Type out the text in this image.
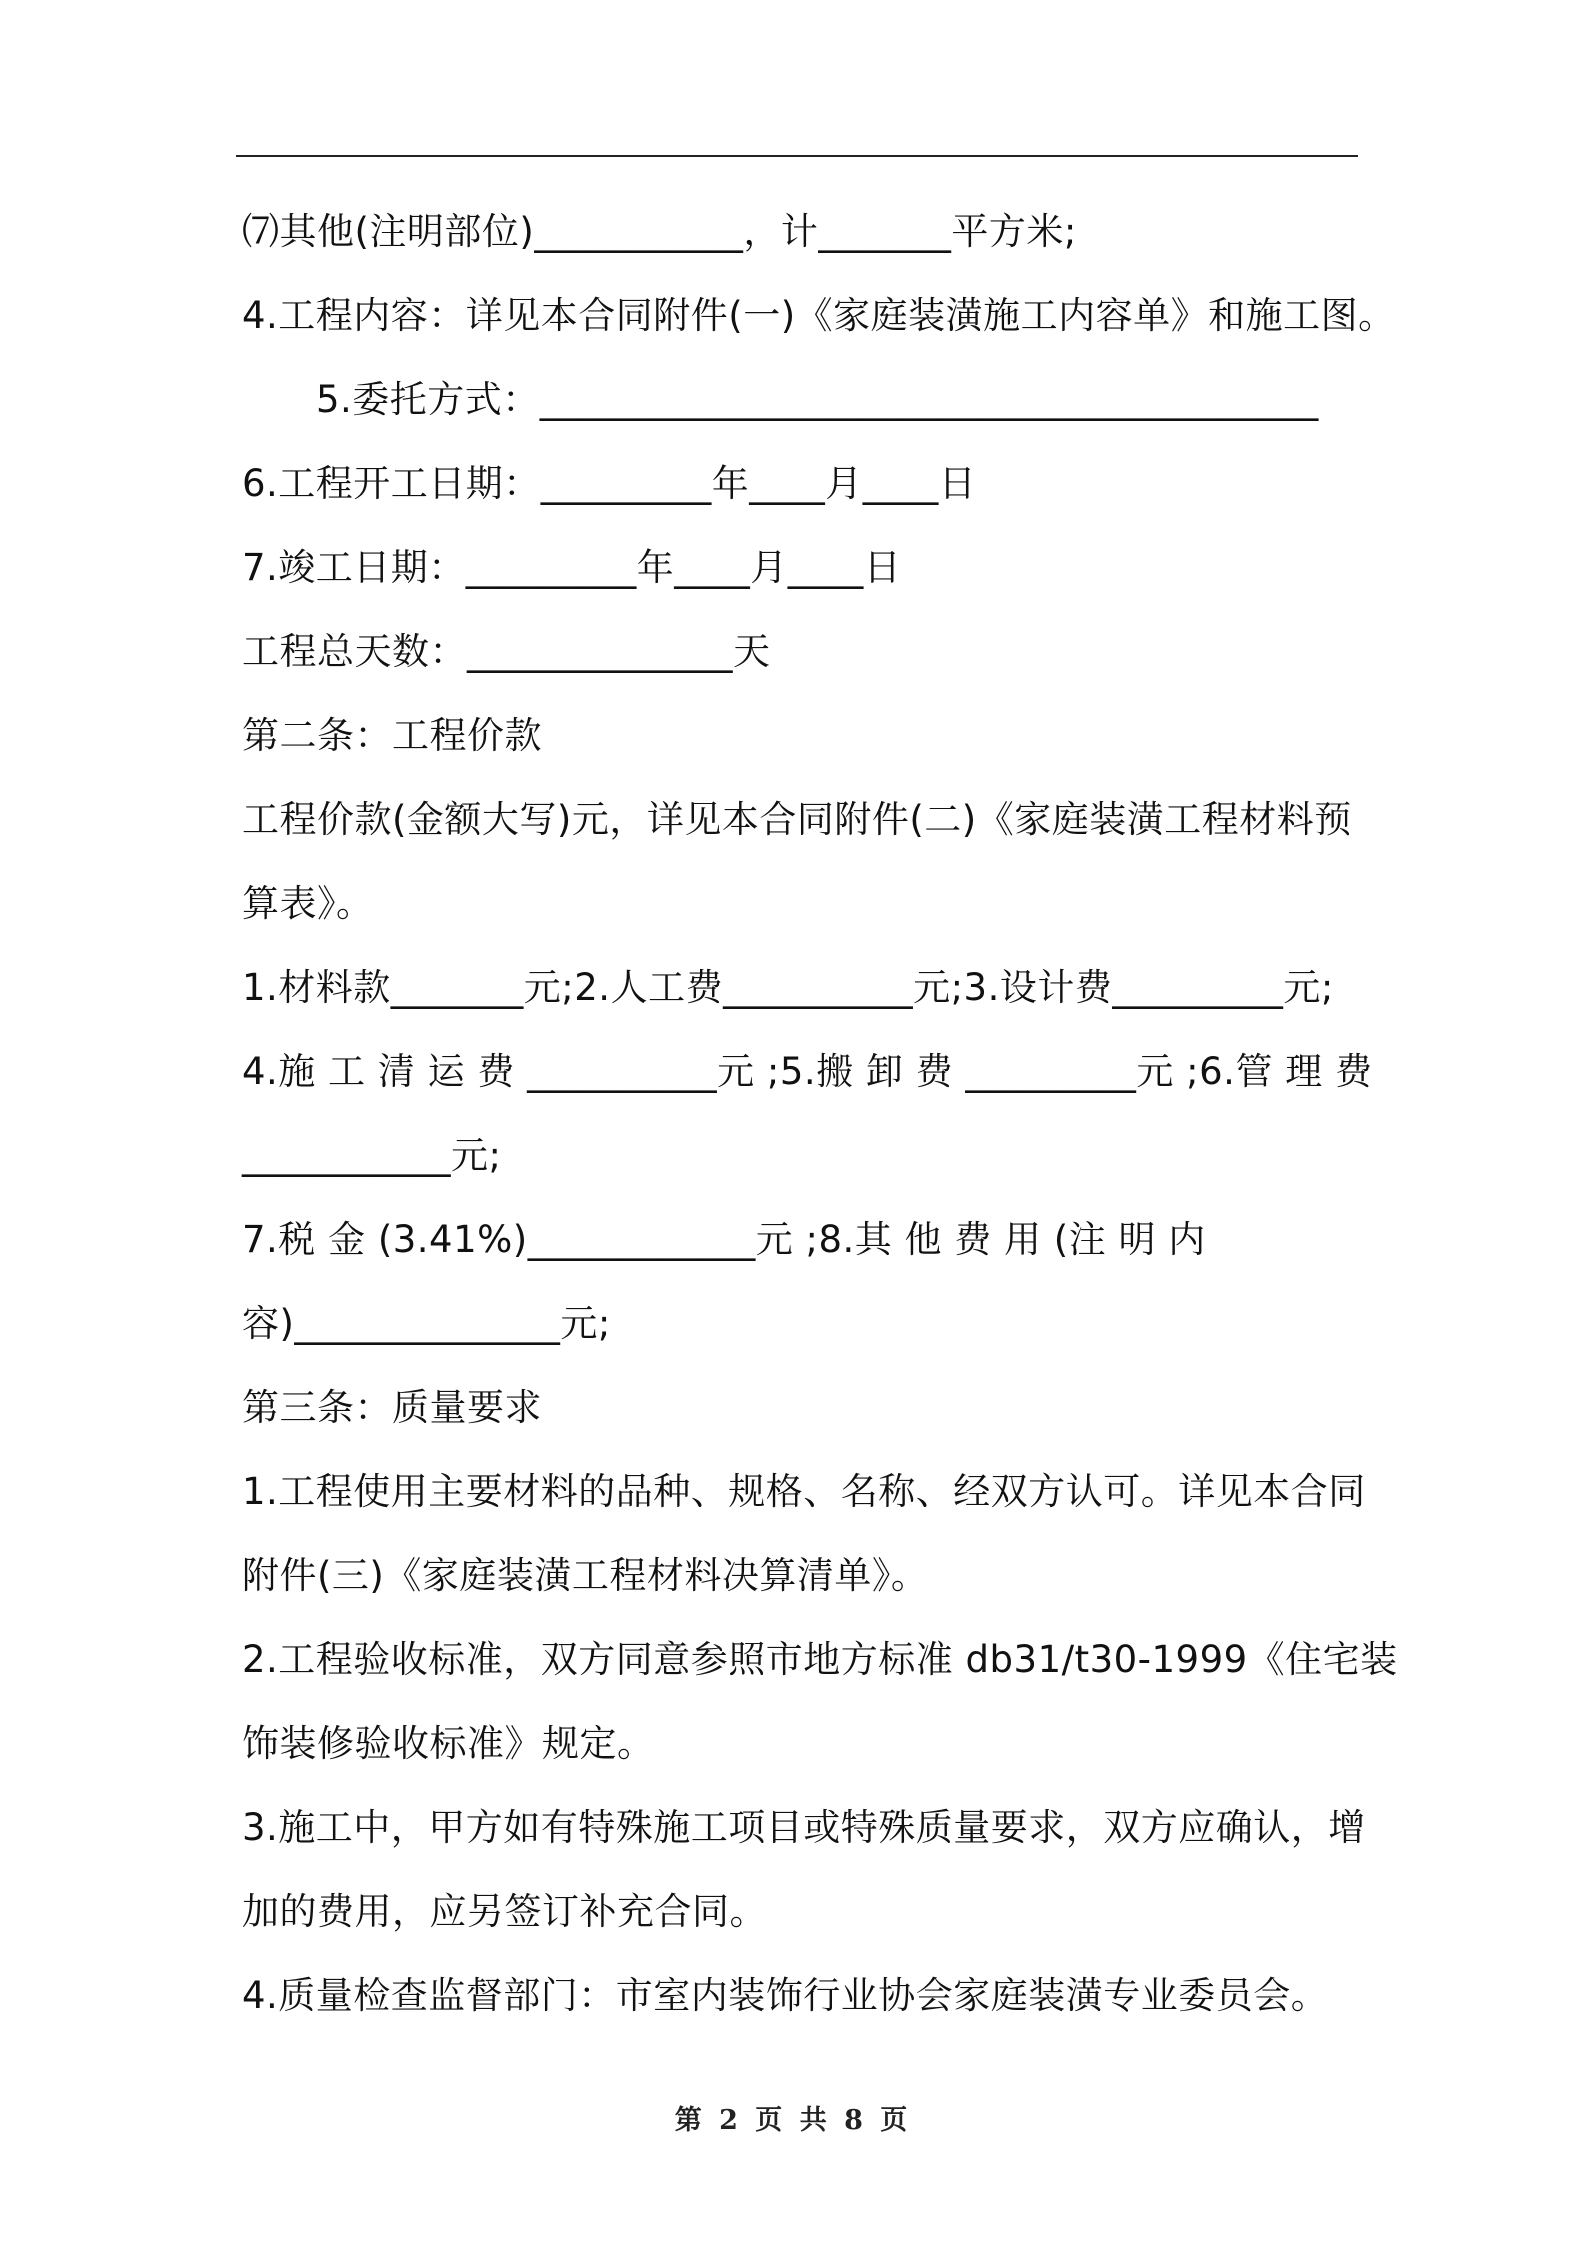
⑺其他(注明部位)___________，计_______平方米;
4.工程内容：详见本合同附件(一)《家庭装潢施工内容单》和施工图。
5.委托方式：_________________________________________
6.工程开工日期：_________年____月____日
7.竣工日期：_________年____月____日
工程总天数：______________天
第二条：工程价款
工程价款(金额大写)元，详见本合同附件(二)《家庭装潢工程材料预
算表》。
1.材料款_______元;2.人工费__________元;3.设计费_________元;
4.施 工 清 运 费 __________元 ;5.搬 卸 费 _________元 ;6.管 理 费
___________元;
7.税 金 (3.41%)____________元 ;8.其 他 费 用 (注 明 内
容)______________元;
第三条：质量要求
1.工程使用主要材料的品种、规格、名称、经双方认可。详见本合同
附件(三)《家庭装潢工程材料决算清单》。
2.工程验收标准，双方同意参照市地方标准 db31/t30-1999《住宅装
饰装修验收标准》规定。
3.施工中，甲方如有特殊施工项目或特殊质量要求，双方应确认，增
加的费用，应另签订补充合同。
4.质量检查监督部门：市室内装饰行业协会家庭装潢专业委员会。
第 2 页 共 8 页
